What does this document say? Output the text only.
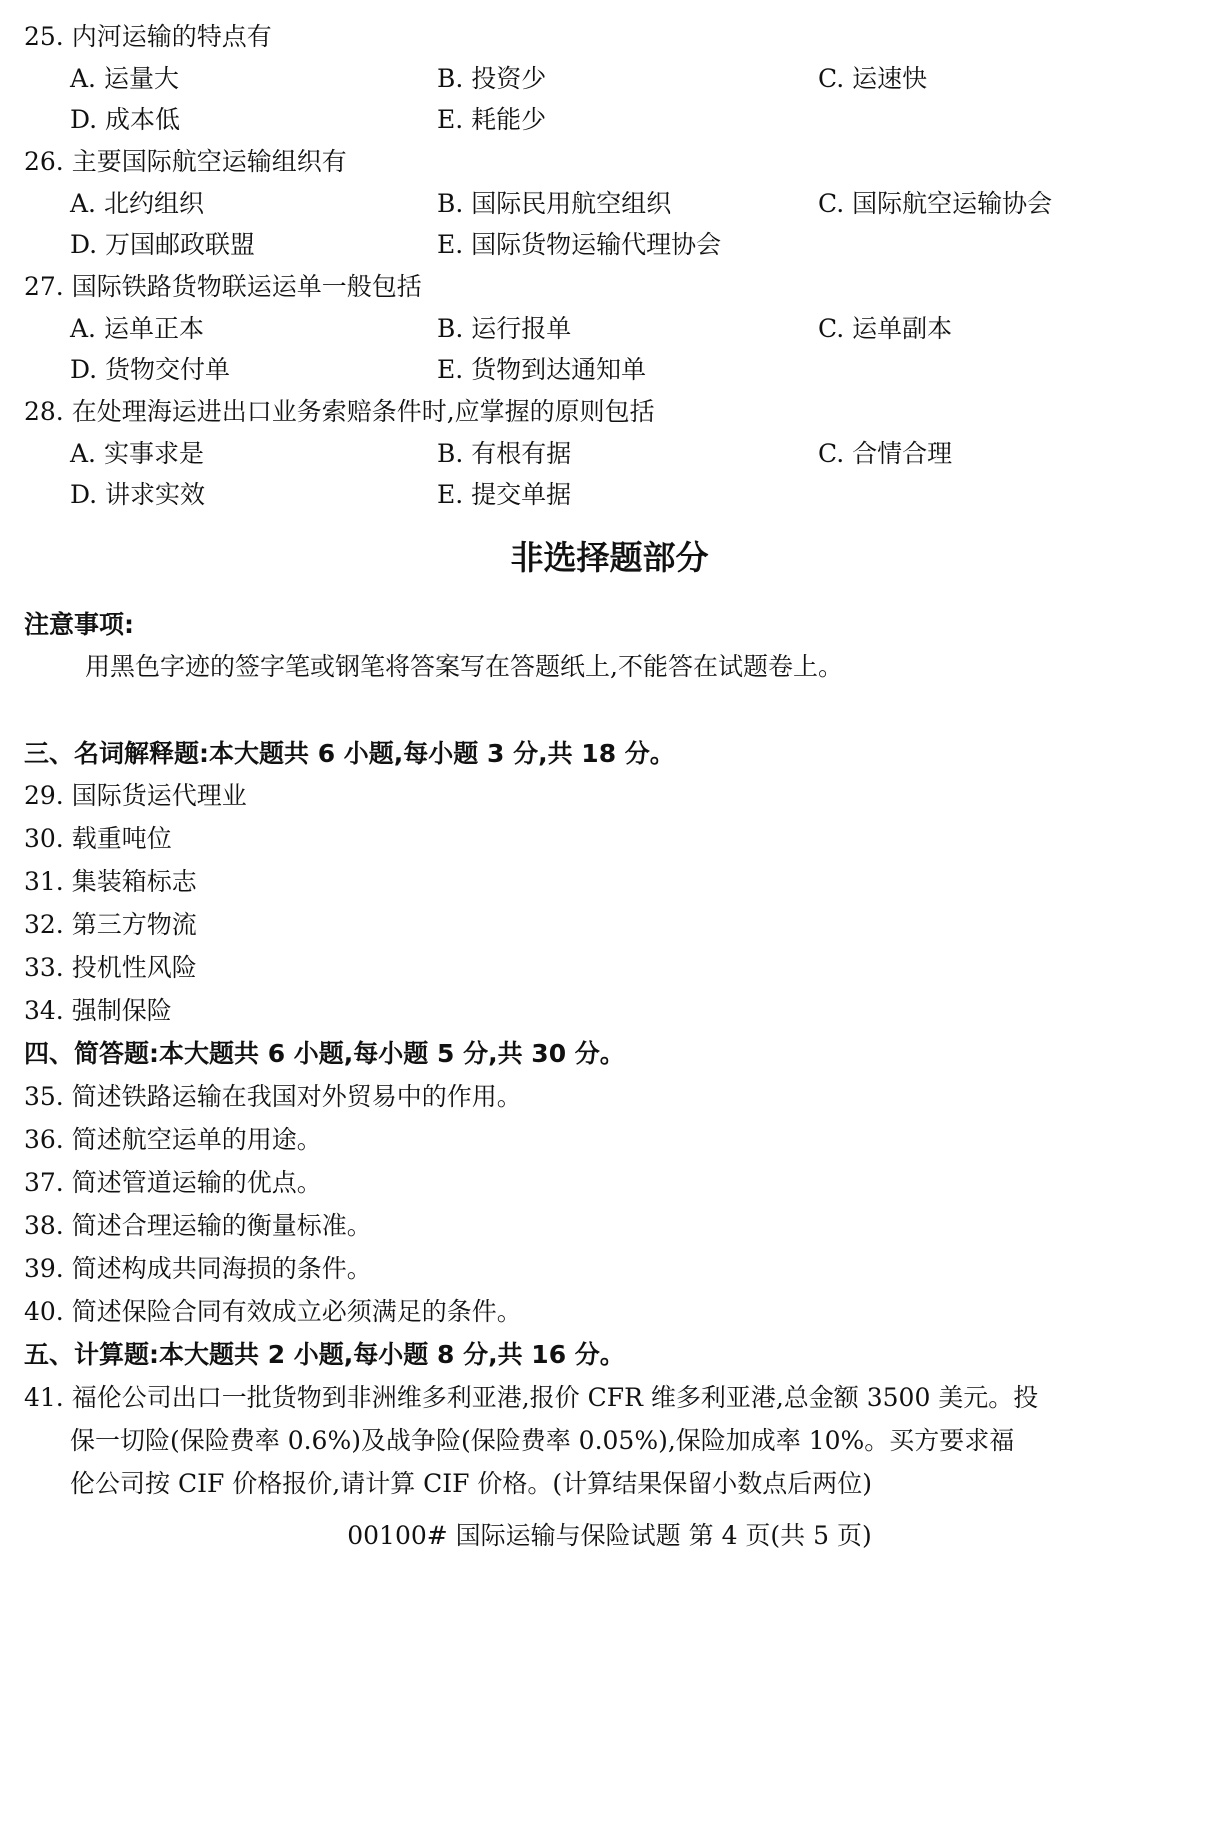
25. 内河运输的特点有
A. 运量大	B. 投资少	C. 运速快
D. 成本低	E. 耗能少
26. 主要国际航空运输组织有
A. 北约组织	B. 国际民用航空组织	C. 国际航空运输协会
D. 万国邮政联盟	E. 国际货物运输代理协会
27. 国际铁路货物联运运单一般包括
A. 运单正本	B. 运行报单	C. 运单副本
D. 货物交付单	E. 货物到达通知单
28. 在处理海运进出口业务索赔条件时,应掌握的原则包括
A. 实事求是	B. 有根有据	C. 合情合理
D. 讲求实效	E. 提交单据
非选择题部分
注意事项:
用黑色字迹的签字笔或钢笔将答案写在答题纸上,不能答在试题卷上。
三、名词解释题:本大题共 6 小题,每小题 3 分,共 18 分。
29. 国际货运代理业
30. 载重吨位
31. 集装箱标志
32. 第三方物流
33. 投机性风险
34. 强制保险
四、简答题:本大题共 6 小题,每小题 5 分,共 30 分。
35. 简述铁路运输在我国对外贸易中的作用。
36. 简述航空运单的用途。
37. 简述管道运输的优点。
38. 简述合理运输的衡量标准。
39. 简述构成共同海损的条件。
40. 简述保险合同有效成立必须满足的条件。
五、计算题:本大题共 2 小题,每小题 8 分,共 16 分。
41. 福伦公司出口一批货物到非洲维多利亚港,报价 CFR 维多利亚港,总金额 3500 美元。投
保一切险(保险费率 0.6%)及战争险(保险费率 0.05%),保险加成率 10%。买方要求福
伦公司按 CIF 价格报价,请计算 CIF 价格。(计算结果保留小数点后两位)
00100# 国际运输与保险试题 第 4 页(共 5 页)
